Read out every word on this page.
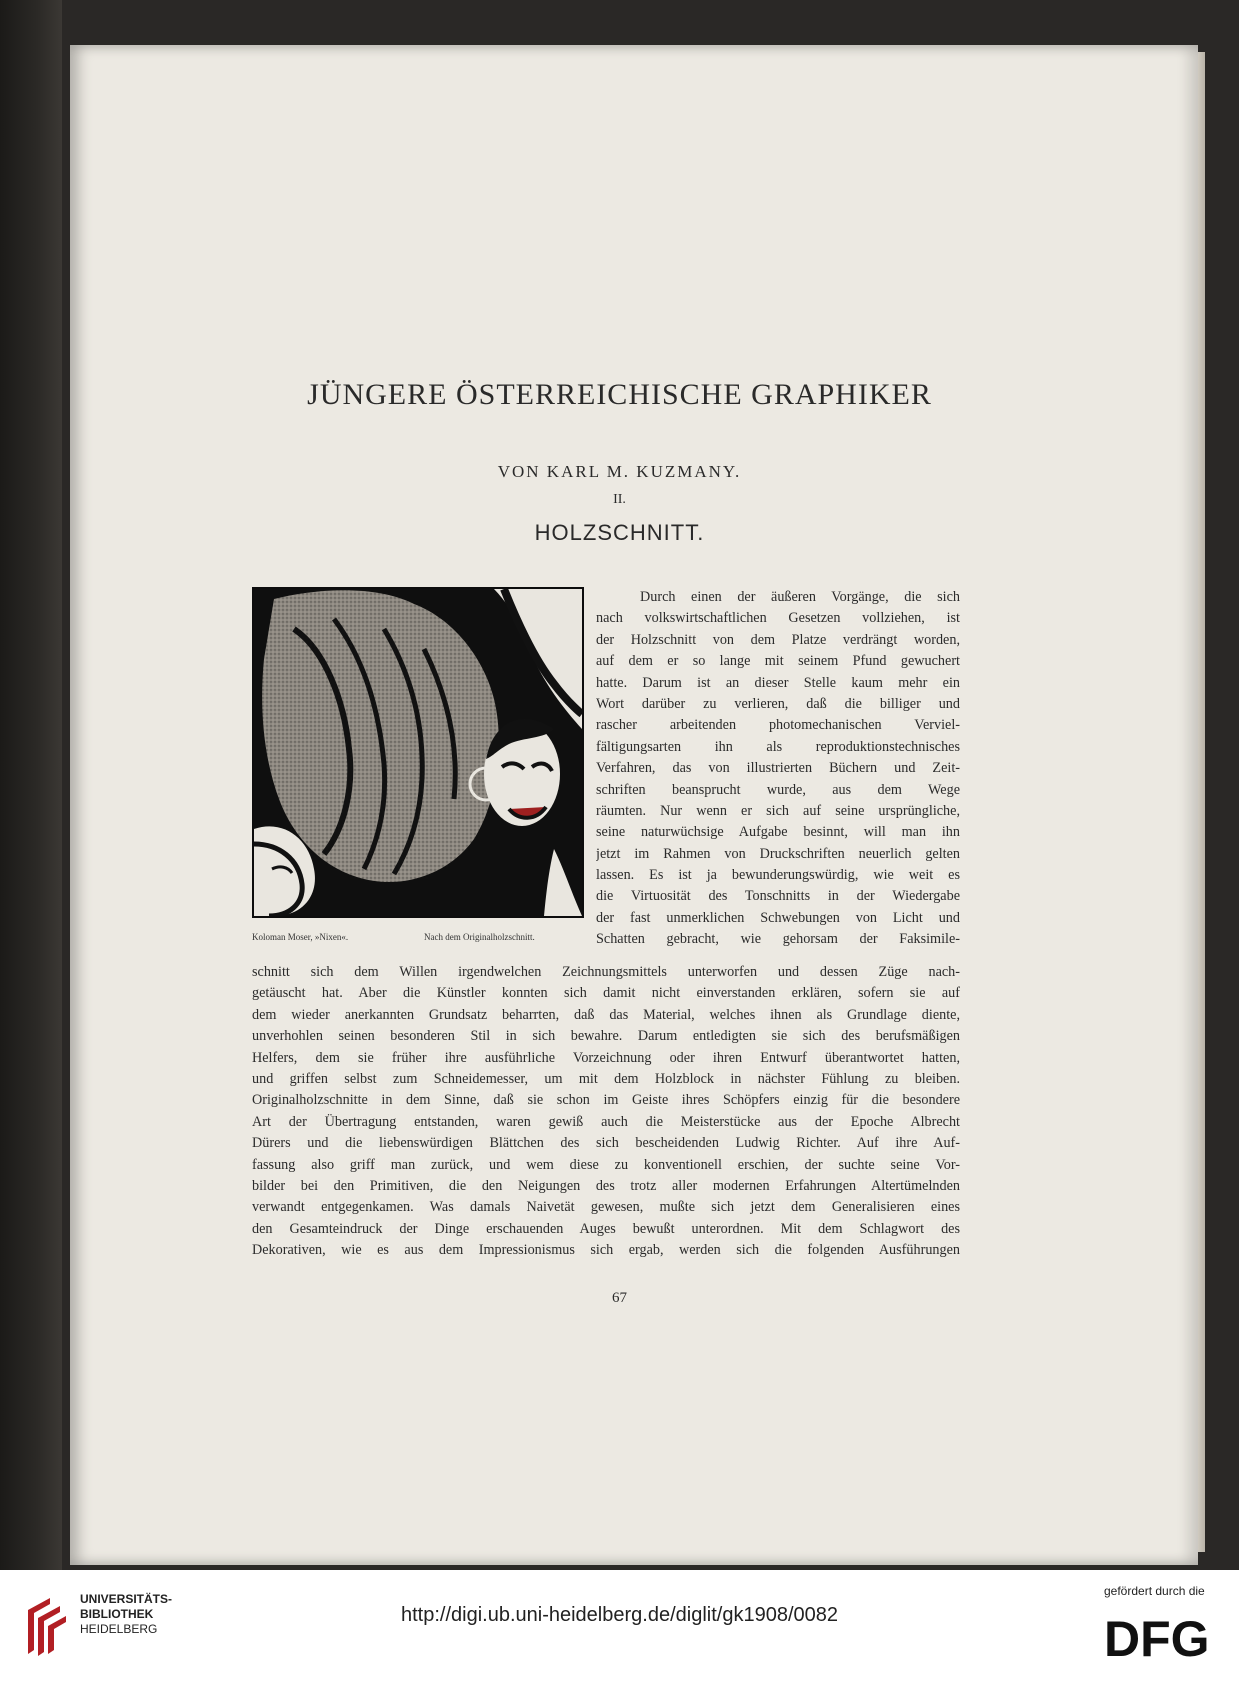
JÜNGERE ÖSTERREICHISCHE GRAPHIKER
VON KARL M. KUZMANY.
II.
HOLZSCHNITT.
Koloman Moser, »Nixen«.	Nach dem Originalholzschnitt.
Durch einen der äußeren Vorgänge, die sich
nach volkswirtschaftlichen Gesetzen vollziehen, ist
der Holzschnitt von dem Platze verdrängt worden,
auf dem er so lange mit seinem Pfund gewuchert
hatte. Darum ist an dieser Stelle kaum mehr ein
Wort darüber zu verlieren, daß die billiger und
rascher arbeitenden photomechanischen Verviel-
fältigungsarten ihn als reproduktionstechnisches
Verfahren, das von illustrierten Büchern und Zeit-
schriften beansprucht wurde, aus dem Wege
räumten. Nur wenn er sich auf seine ursprüngliche,
seine naturwüchsige Aufgabe besinnt, will man ihn
jetzt im Rahmen von Druckschriften neuerlich gelten
lassen. Es ist ja bewunderungswürdig, wie weit es
die Virtuosität des Tonschnitts in der Wiedergabe
der fast unmerklichen Schwebungen von Licht und
Schatten gebracht, wie gehorsam der Faksimile-
schnitt sich dem Willen irgendwelchen Zeichnungsmittels unterworfen und dessen Züge nach-
getäuscht hat. Aber die Künstler konnten sich damit nicht einverstanden erklären, sofern sie auf
dem wieder anerkannten Grundsatz beharrten, daß das Material, welches ihnen als Grundlage diente,
unverhohlen seinen besonderen Stil in sich bewahre. Darum entledigten sie sich des berufsmäßigen
Helfers, dem sie früher ihre ausführliche Vorzeichnung oder ihren Entwurf überantwortet hatten,
und griffen selbst zum Schneidemesser, um mit dem Holzblock in nächster Fühlung zu bleiben.
Originalholzschnitte in dem Sinne, daß sie schon im Geiste ihres Schöpfers einzig für die besondere
Art der Übertragung entstanden, waren gewiß auch die Meisterstücke aus der Epoche Albrecht
Dürers und die liebenswürdigen Blättchen des sich bescheidenden Ludwig Richter. Auf ihre Auf-
fassung also griff man zurück, und wem diese zu konventionell erschien, der suchte seine Vor-
bilder bei den Primitiven, die den Neigungen des trotz aller modernen Erfahrungen Altertümelnden
verwandt entgegenkamen. Was damals Naivetät gewesen, mußte sich jetzt dem Generalisieren eines
den Gesamteindruck der Dinge erschauenden Auges bewußt unterordnen. Mit dem Schlagwort des
Dekorativen, wie es aus dem Impressionismus sich ergab, werden sich die folgenden Ausführungen
67
UNIVERSITÄTS-
BIBLIOTHEK
HEIDELBERG
http://digi.ub.uni-heidelberg.de/diglit/gk1908/0082
gefördert durch die
DFG
